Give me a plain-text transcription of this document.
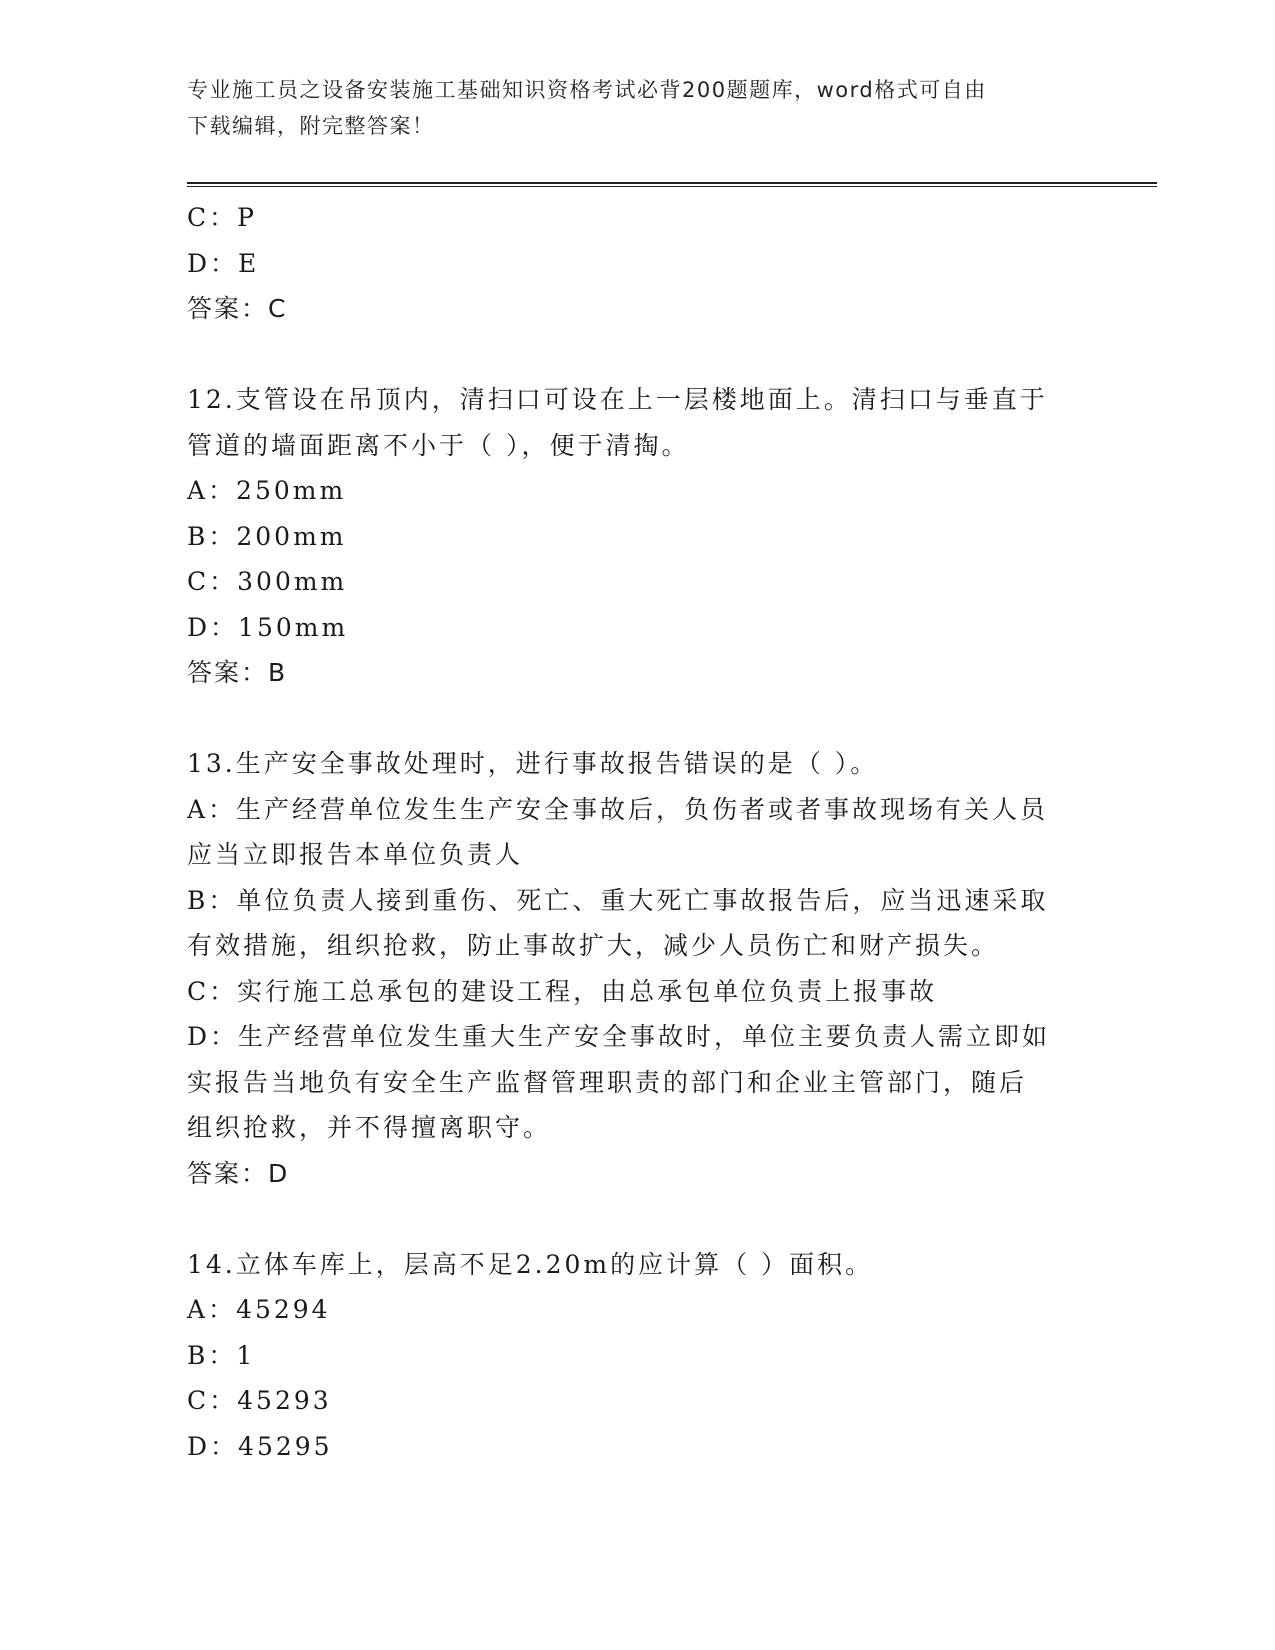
专业施工员之设备安装施工基础知识资格考试必背200题题库，word格式可自由

下载编辑，附完整答案！

C：P

D：E

答案：C

12.支管设在吊顶内，清扫口可设在上一层楼地面上。清扫口与垂直于

管道的墙面距离不小于（ ），便于清掏。

A：250mm

B：200mm

C：300mm

D：150mm

答案：B

13.生产安全事故处理时，进行事故报告错误的是（ ）。

A：生产经营单位发生生产安全事故后，负伤者或者事故现场有关人员

应当立即报告本单位负责人

B：单位负责人接到重伤、死亡、重大死亡事故报告后，应当迅速采取

有效措施，组织抢救，防止事故扩大，减少人员伤亡和财产损失。

C：实行施工总承包的建设工程，由总承包单位负责上报事故

D：生产经营单位发生重大生产安全事故时，单位主要负责人需立即如

实报告当地负有安全生产监督管理职责的部门和企业主管部门，随后

组织抢救，并不得擅离职守。

答案：D

14.立体车库上，层高不足2.20m的应计算（ ）面积。

A：45294

B：1

C：45293

D：45295
